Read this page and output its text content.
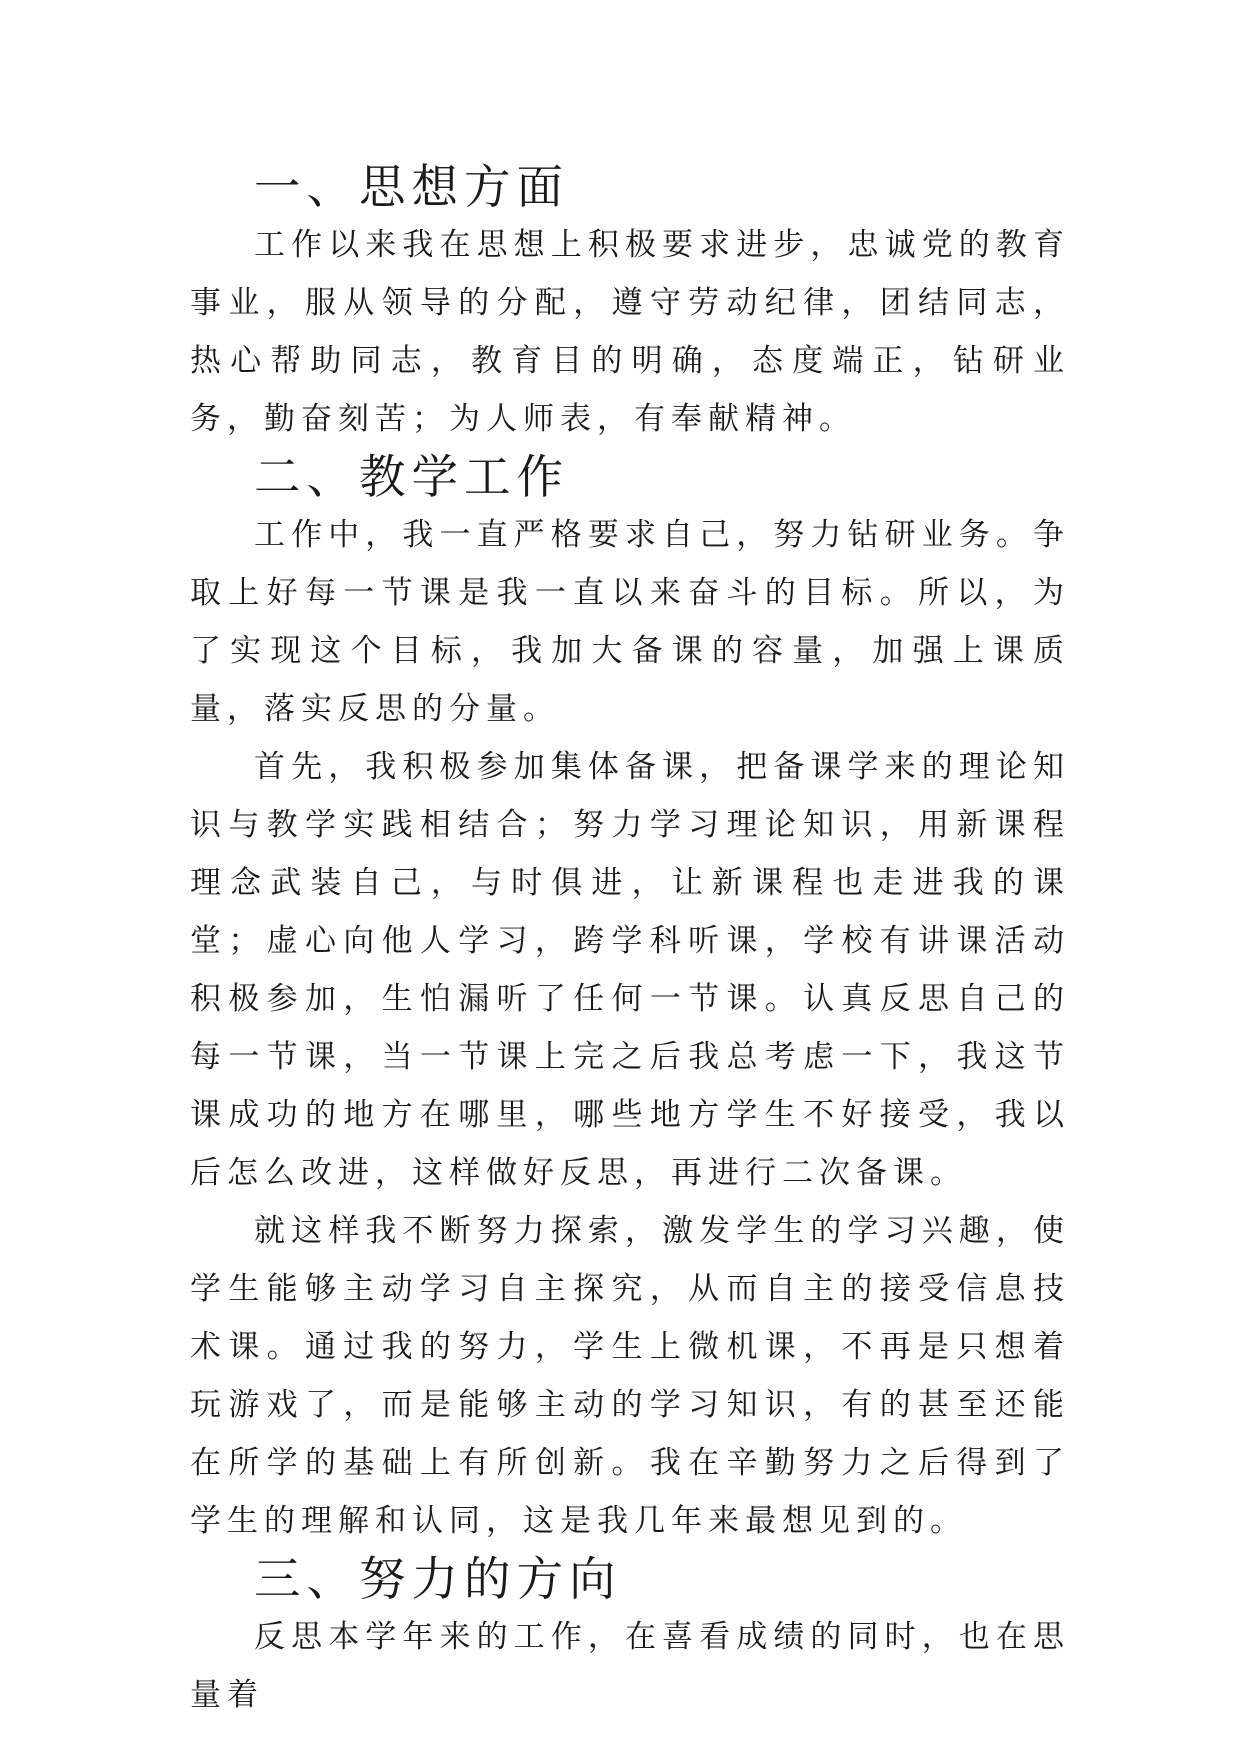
一、思想方面

工作以来我在思想上积极要求进步，忠诚党的教育事业，服从领导的分配，遵守劳动纪律，团结同志，热心帮助同志，教育目的明确，态度端正，钻研业务，勤奋刻苦；为人师表，有奉献精神。

二、教学工作

工作中，我一直严格要求自己，努力钻研业务。争取上好每一节课是我一直以来奋斗的目标。所以，为了实现这个目标，我加大备课的容量，加强上课质量，落实反思的分量。

首先，我积极参加集体备课，把备课学来的理论知识与教学实践相结合；努力学习理论知识，用新课程理念武装自己，与时俱进，让新课程也走进我的课堂；虚心向他人学习，跨学科听课，学校有讲课活动积极参加，生怕漏听了任何一节课。认真反思自己的每一节课，当一节课上完之后我总考虑一下，我这节课成功的地方在哪里，哪些地方学生不好接受，我以后怎么改进，这样做好反思，再进行二次备课。

就这样我不断努力探索，激发学生的学习兴趣，使学生能够主动学习自主探究，从而自主的接受信息技术课。通过我的努力，学生上微机课，不再是只想着玩游戏了，而是能够主动的学习知识，有的甚至还能在所学的基础上有所创新。我在辛勤努力之后得到了学生的理解和认同，这是我几年来最想见到的。

三、努力的方向

反思本学年来的工作，在喜看成绩的同时，也在思量着
